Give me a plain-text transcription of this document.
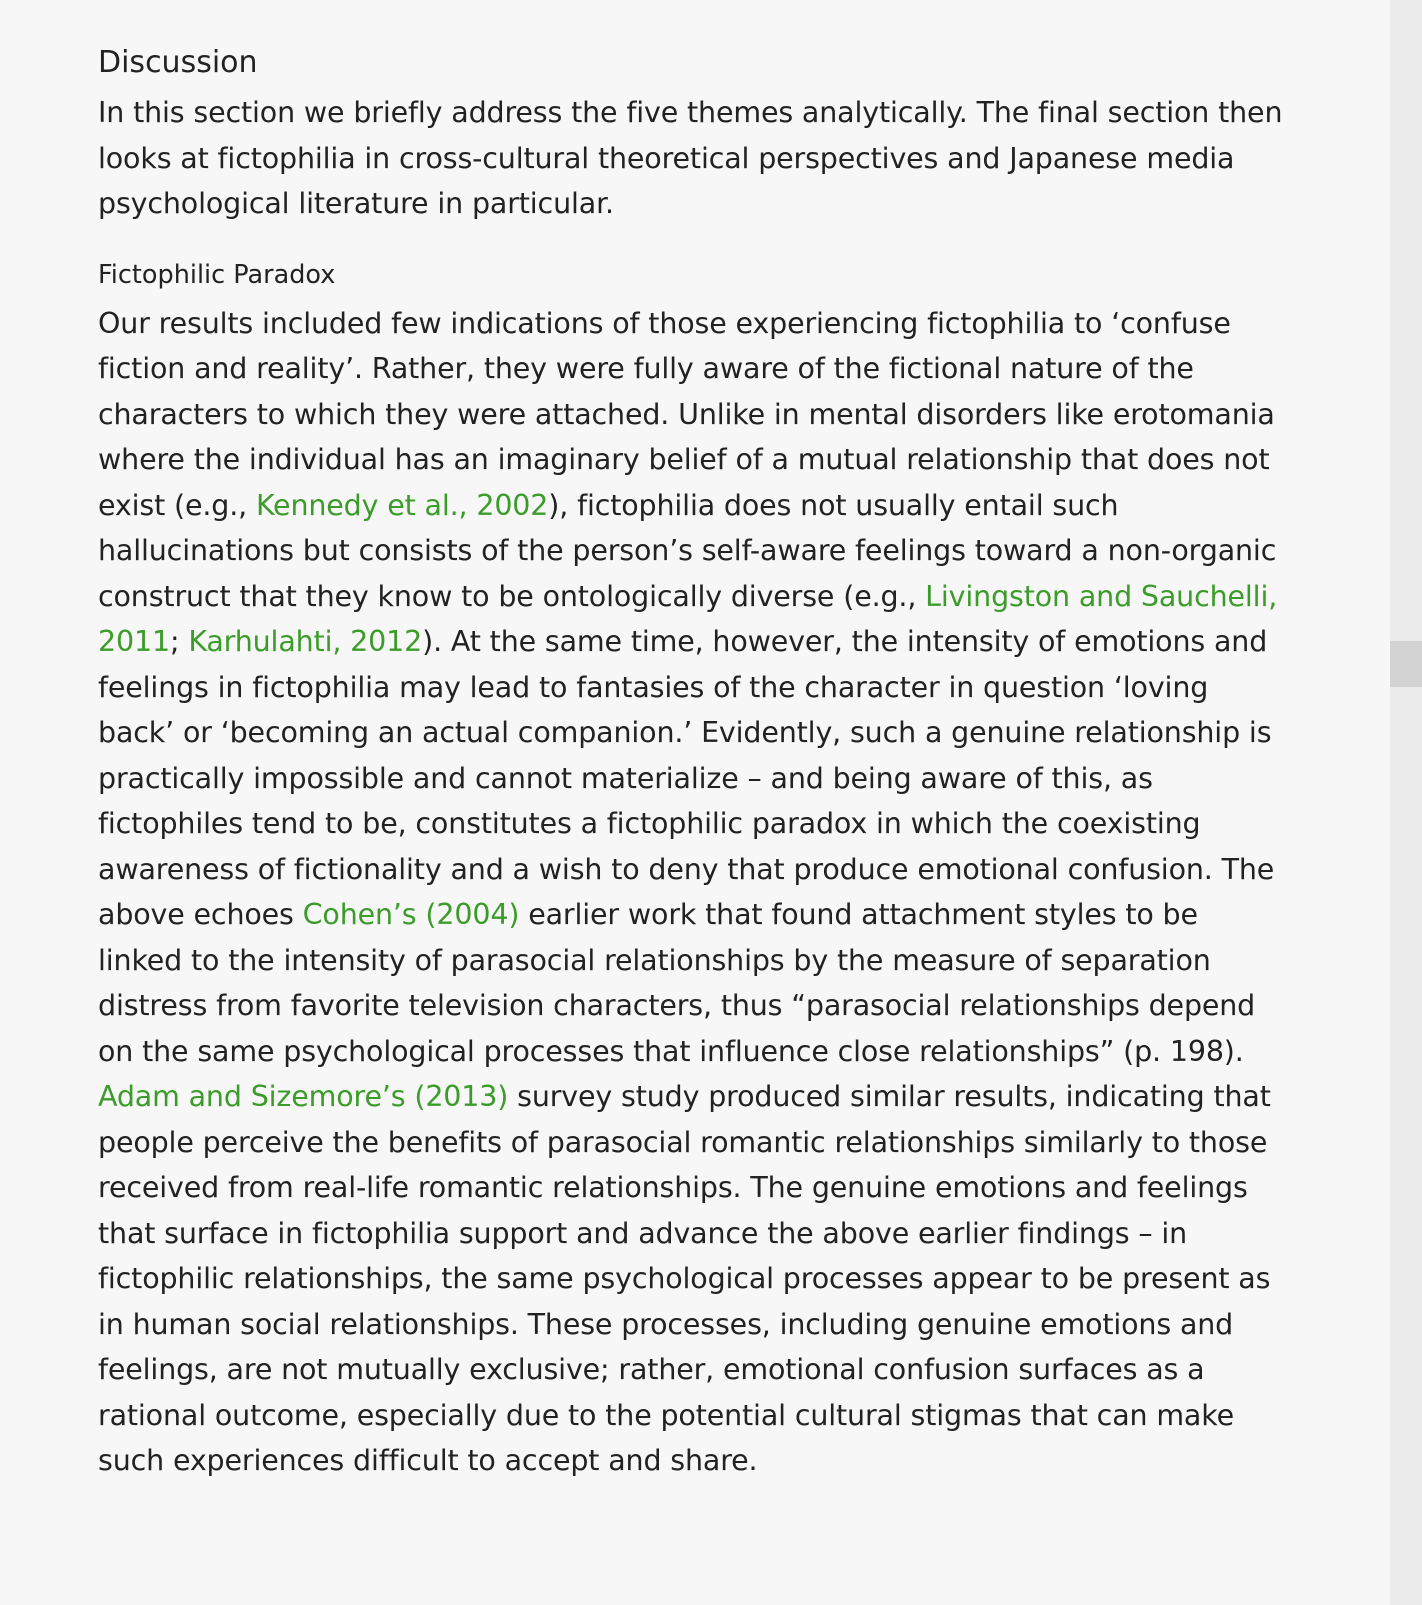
Discussion

In this section we briefly address the five themes analytically. The final section then looks at fictophilia in cross-cultural theoretical perspectives and Japanese media psychological literature in particular.

Fictophilic Paradox

Our results included few indications of those experiencing fictophilia to ‘confuse fiction and reality’. Rather, they were fully aware of the fictional nature of the characters to which they were attached. Unlike in mental disorders like erotomania where the individual has an imaginary belief of a mutual relationship that does not exist (e.g., Kennedy et al., 2002), fictophilia does not usually entail such hallucinations but consists of the person’s self-aware feelings toward a non-organic construct that they know to be ontologically diverse (e.g., Livingston and Sauchelli, 2011; Karhulahti, 2012). At the same time, however, the intensity of emotions and feelings in fictophilia may lead to fantasies of the character in question ‘loving back’ or ‘becoming an actual companion.’ Evidently, such a genuine relationship is practically impossible and cannot materialize – and being aware of this, as fictophiles tend to be, constitutes a fictophilic paradox in which the coexisting awareness of fictionality and a wish to deny that produce emotional confusion. The above echoes Cohen’s (2004) earlier work that found attachment styles to be linked to the intensity of parasocial relationships by the measure of separation distress from favorite television characters, thus “parasocial relationships depend on the same psychological processes that influence close relationships” (p. 198). Adam and Sizemore’s (2013) survey study produced similar results, indicating that people perceive the benefits of parasocial romantic relationships similarly to those received from real-life romantic relationships. The genuine emotions and feelings that surface in fictophilia support and advance the above earlier findings – in fictophilic relationships, the same psychological processes appear to be present as in human social relationships. These processes, including genuine emotions and feelings, are not mutually exclusive; rather, emotional confusion surfaces as a rational outcome, especially due to the potential cultural stigmas that can make such experiences difficult to accept and share.
